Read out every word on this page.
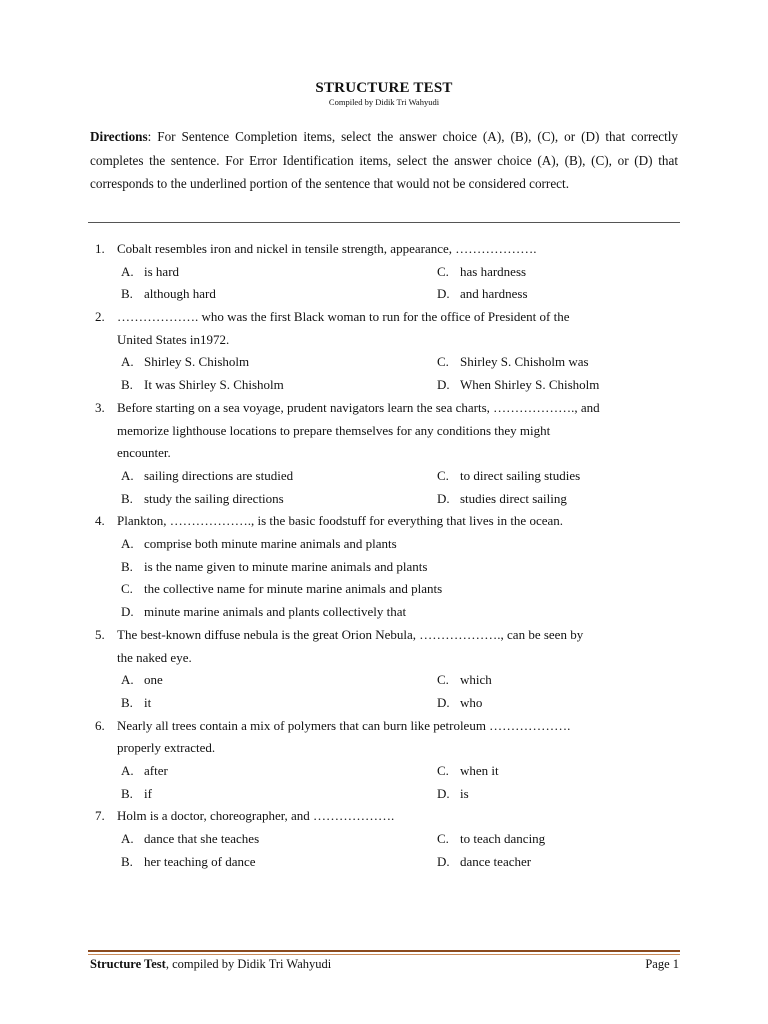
STRUCTURE TEST
Compiled by Didik Tri Wahyudi
Directions: For Sentence Completion items, select the answer choice (A), (B), (C), or (D) that correctly completes the sentence. For Error Identification items, select the answer choice (A), (B), (C), or (D) that corresponds to the underlined portion of the sentence that would not be considered correct.
1. Cobalt resembles iron and nickel in tensile strength, appearance, ……………….
A. is hard	C. has hardness
B. although hard	D. and hardness
2. ………………. who was the first Black woman to run for the office of President of the
United States in1972.
A. Shirley S. Chisholm	C. Shirley S. Chisholm was
B. It was Shirley S. Chisholm	D. When Shirley S. Chisholm
3. Before starting on a sea voyage, prudent navigators learn the sea charts, ………………., and
memorize lighthouse locations to prepare themselves for any conditions they might
encounter.
A. sailing directions are studied	C. to direct sailing studies
B. study the sailing directions	D. studies direct sailing
4. Plankton, ………………., is the basic foodstuff for everything that lives in the ocean.
A. comprise both minute marine animals and plants
B. is the name given to minute marine animals and plants
C. the collective name for minute marine animals and plants
D. minute marine animals and plants collectively that
5. The best-known diffuse nebula is the great Orion Nebula, ………………., can be seen by
the naked eye.
A. one	C. which
B. it	D. who
6. Nearly all trees contain a mix of polymers that can burn like petroleum ……………….
properly extracted.
A. after	C. when it
B. if	D. is
7. Holm is a doctor, choreographer, and ……………….
A. dance that she teaches	C. to teach dancing
B. her teaching of dance	D. dance teacher
Structure Test, compiled by Didik Tri Wahyudi	Page 1
